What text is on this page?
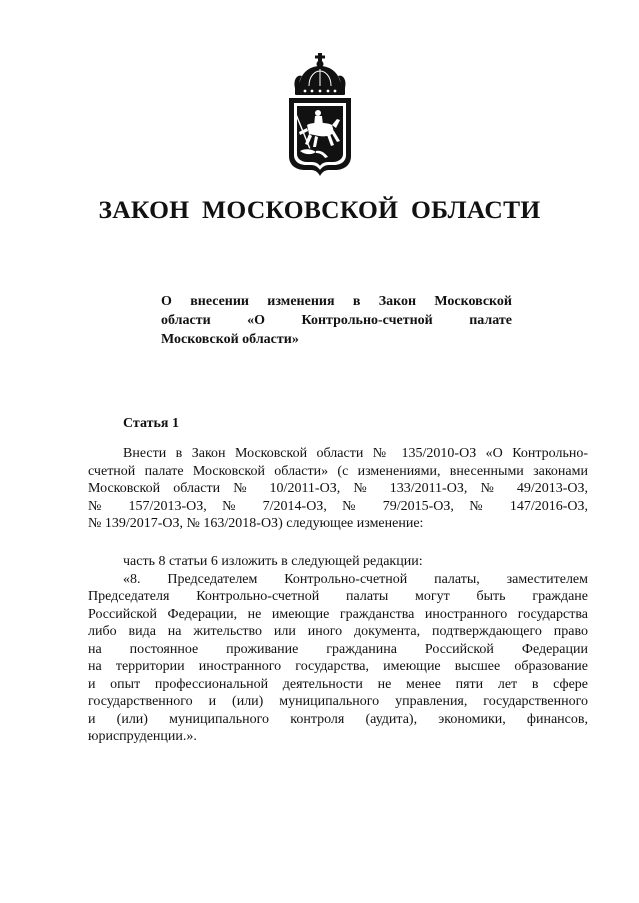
ЗАКОН МОСКОВСКОЙ ОБЛАСТИ
О внесении изменения в Закон Московской
области «О Контрольно-счетной палате
Московской области»
Статья 1
Внести в Закон Московской области № 135/2010-ОЗ «О Контрольно-
счетной палате Московской области» (с изменениями, внесенными законами
Московской области № 10/2011-ОЗ, № 133/2011-ОЗ, № 49/2013-ОЗ,
№ 157/2013-ОЗ, № 7/2014-ОЗ, № 79/2015-ОЗ, № 147/2016-ОЗ,
№ 139/2017-ОЗ, № 163/2018-ОЗ) следующее изменение:
часть 8 статьи 6 изложить в следующей редакции:
«8. Председателем Контрольно-счетной палаты, заместителем
Председателя Контрольно-счетной палаты могут быть граждане
Российской Федерации, не имеющие гражданства иностранного государства
либо вида на жительство или иного документа, подтверждающего право
на постоянное проживание гражданина Российской Федерации
на территории иностранного государства, имеющие высшее образование
и опыт профессиональной деятельности не менее пяти лет в сфере
государственного и (или) муниципального управления, государственного
и (или) муниципального контроля (аудита), экономики, финансов,
юриспруденции.».
